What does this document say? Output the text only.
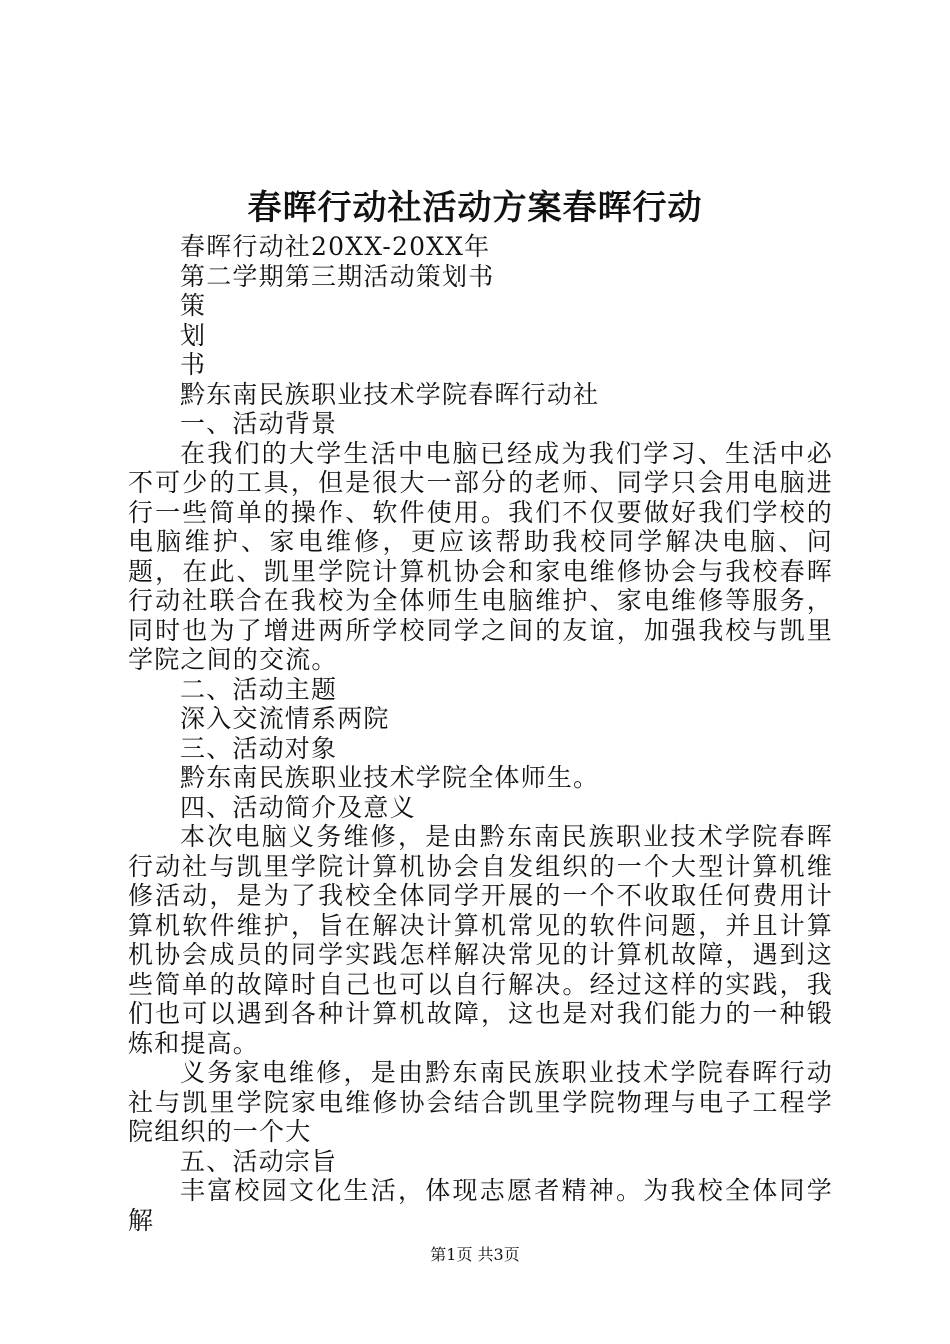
春晖行动社活动方案春晖行动

春晖行动社20XX-20XX年

第二学期第三期活动策划书

策

划

书

黔东南民族职业技术学院春晖行动社

一、活动背景

在我们的大学生活中电脑已经成为我们学习、生活中必不可少的工具，但是很大一部分的老师、同学只会用电脑进行一些简单的操作、软件使用。我们不仅要做好我们学校的电脑维护、家电维修，更应该帮助我校同学解决电脑、问题，在此、凯里学院计算机协会和家电维修协会与我校春晖行动社联合在我校为全体师生电脑维护、家电维修等服务，同时也为了增进两所学校同学之间的友谊，加强我校与凯里学院之间的交流。

二、活动主题

深入交流情系两院

三、活动对象

黔东南民族职业技术学院全体师生。

四、活动简介及意义

本次电脑义务维修，是由黔东南民族职业技术学院春晖行动社与凯里学院计算机协会自发组织的一个大型计算机维修活动，是为了我校全体同学开展的一个不收取任何费用计算机软件维护，旨在解决计算机常见的软件问题，并且计算机协会成员的同学实践怎样解决常见的计算机故障，遇到这些简单的故障时自己也可以自行解决。经过这样的实践，我们也可以遇到各种计算机故障，这也是对我们能力的一种锻炼和提高。

义务家电维修，是由黔东南民族职业技术学院春晖行动社与凯里学院家电维修协会结合凯里学院物理与电子工程学院组织的一个大

五、活动宗旨

丰富校园文化生活，体现志愿者精神。为我校全体同学解

第1页 共3页
